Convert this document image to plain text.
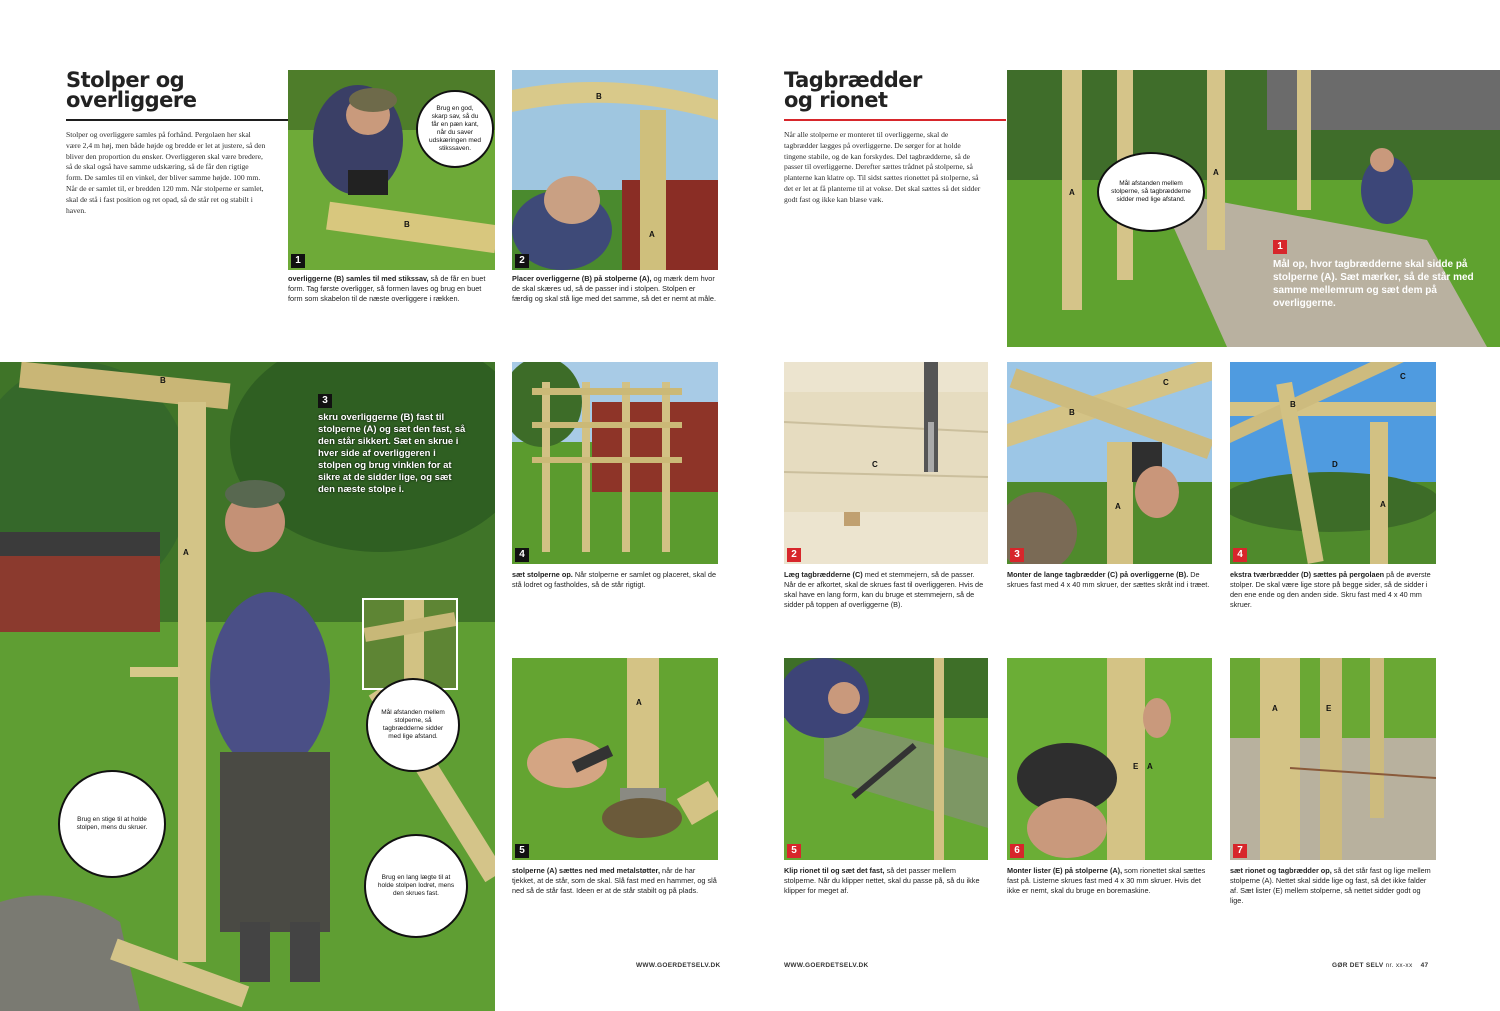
Stolper og
overliggere
Stolper og overliggere samles på forhånd. Pergolaen her skal være 2,4 m høj, men både højde og bredde er let at justere, så den bliver den proportion du ønsker. Overliggeren skal være bredere, så de skal også have samme udskæring, så de får den rigtige form. De samles til en vinkel, der bliver samme højde. 100 mm. Når de er samlet til, er bredden 120 mm. Når stolperne er samlet, skal de stå i fast position og ret opad, så de står ret og stabilt i haven.
Brug en god, skarp sav, så du får en pæn kant, når du saver udskæringen med stikssaven.
B
1
overliggerne (B) samles til med stikssav, så de får en buet form. Tag første overligger, så formen laves og brug en buet form som skabelon til de næste overliggere i rækken.
B
A
2
Placer overliggerne (B) på stolperne (A), og mærk dem hvor de skal skæres ud, så de passer ind i stolpen. Stolpen er færdig og skal stå lige med det samme, så det er nemt at måle.
B
A
3
skru overliggerne (B) fast til stolperne (A) og sæt den fast, så den står sikkert. Sæt en skrue i hver side af overliggeren i stolpen og brug vinklen for at sikre at de sidder lige, og sæt den næste stolpe i.
Mål afstanden mellem stolperne, så tagbrædderne sidder med lige afstand.
Brug en stige til at holde stolpen, mens du skruer.
Brug en lang lægte til at holde stolpen lodret, mens den skrues fast.
4
sæt stolperne op. Når stolperne er samlet og placeret, skal de stå lodret og fastholdes, så de står rigtigt.
A
5
stolperne (A) sættes ned med metalstøtter, når de har tjekket, at de står, som de skal. Slå fast med en hammer, og slå ned så de står fast. Ideen er at de står stabilt og på plads.
WWW.GOERDETSELV.DK
Tagbrædder
og rionet
Når alle stolperne er monteret til overliggerne, skal de tagbrædder lægges på overliggerne. De sørger for at holde tingene stabile, og de kan forskydes. Del tagbrædderne, så de passer til overliggerne. Derefter sættes trådnet på stolperne, så planterne kan klatre op. Til sidst sættes rionettet på stolperne, så det er let at få planterne til at vokse. Det skal sættes så det sidder godt fast og ikke kan blæse væk.
Mål afstanden mellem stolperne, så tagbrædderne sidder med lige afstand.
A
A
1
Mål op, hvor tagbrædderne skal sidde på stolperne (A). Sæt mærker, så de står med samme mellemrum og sæt dem på overliggerne.
C
2
Læg tagbrædderne (C) med et stemmejern, så de passer. Når de er afkortet, skal de skrues fast til overliggeren. Hvis de skal have en lang form, kan du bruge et stemmejern, så de sidder på toppen af overliggerne (B).
C
B
A
3
Monter de lange tagbrædder (C) på overliggerne (B). De skrues fast med 4 x 40 mm skruer, der sættes skråt ind i træet.
C
B
D
A
4
ekstra tværbrædder (D) sættes på pergolaen på de øverste stolper. De skal være lige store på begge sider, så de sidder i den ene ende og den anden side. Skru fast med 4 x 40 mm skruer.
5
Klip rionet til og sæt det fast, så det passer mellem stolperne. Når du klipper nettet, skal du passe på, så du ikke klipper for meget af.
E A
6
Monter lister (E) på stolperne (A), som rionettet skal sættes fast på. Listerne skrues fast med 4 x 30 mm skruer. Hvis det ikke er nemt, skal du bruge en boremaskine.
A	E
7
sæt rionet og tagbrædder op, så det står fast og lige mellem stolperne (A). Nettet skal sidde lige og fast, så det ikke falder af. Sæt lister (E) mellem stolperne, så nettet sidder godt og lige.
WWW.GOERDETSELV.DK	GØR DET SELV nr. xx-xx 47
